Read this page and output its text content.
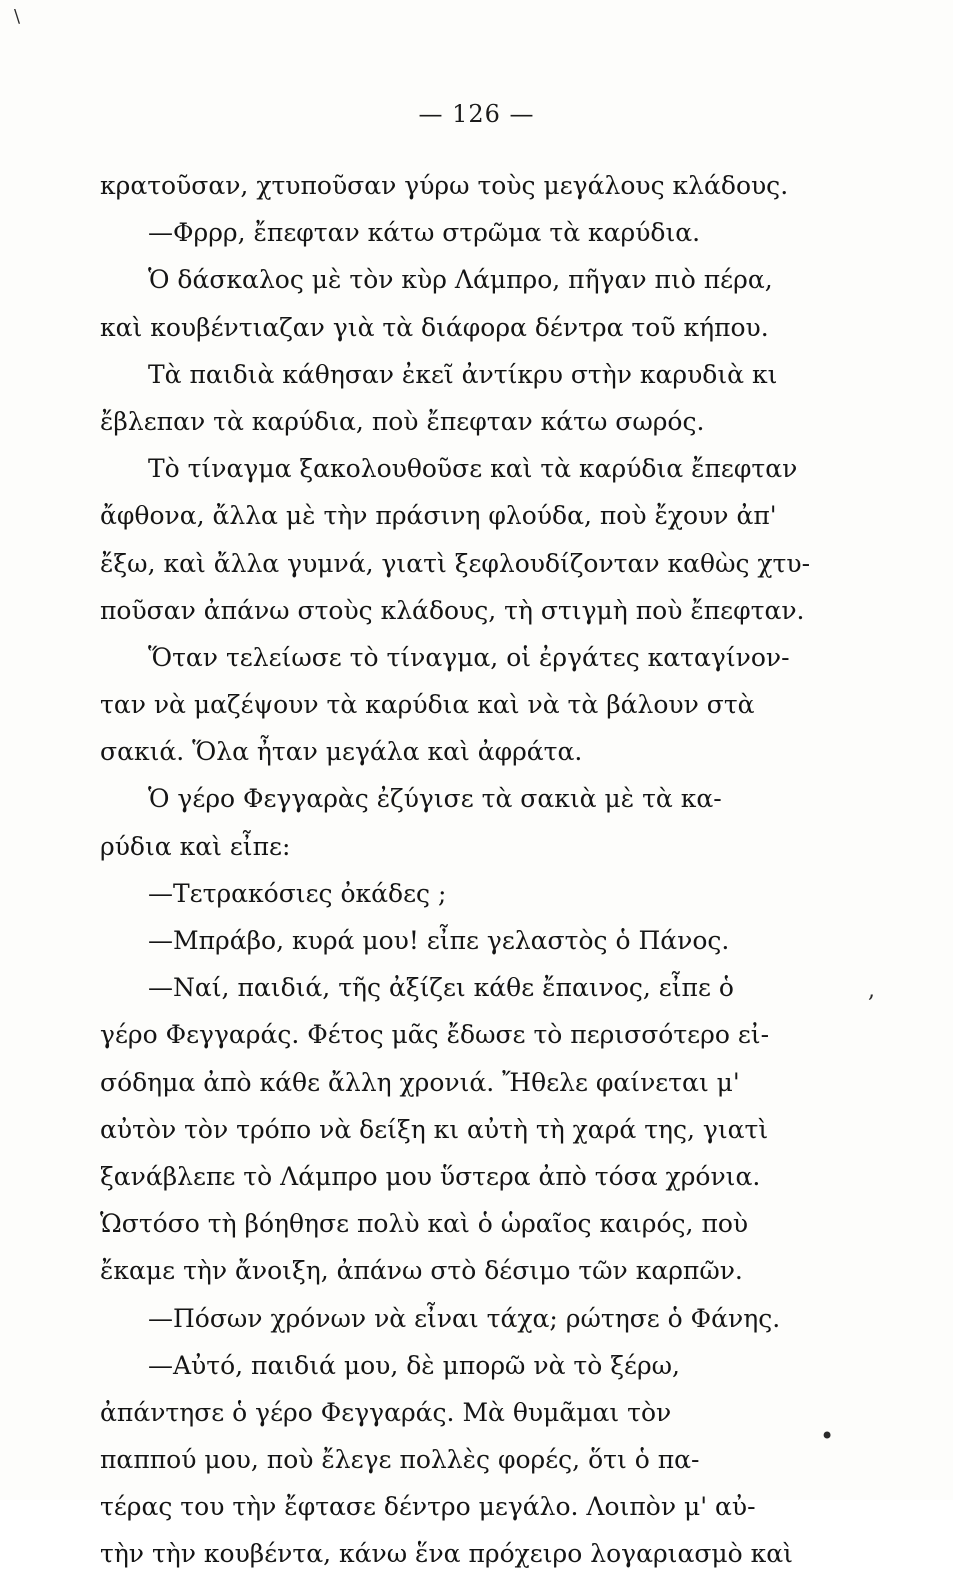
\
— 126 —
κρατοῦσαν, χτυποῦσαν γύρω τοὺς μεγάλους κλάδους.
—Φρρρ, ἔπεφταν κάτω στρῶμα τὰ καρύδια.
Ὁ δάσκαλος μὲ τὸν κὺρ Λάμπρο, πῆγαν πιὸ πέρα,
καὶ κουβέντιαζαν γιὰ τὰ διάφορα δέντρα τοῦ κήπου.
Τὰ παιδιὰ κάθησαν ἐκεῖ ἀντίκρυ στὴν καρυδιὰ κι
ἔβλεπαν τὰ καρύδια, ποὺ ἔπεφταν κάτω σωρός.
Τὸ τίναγμα ξακολουθοῦσε καὶ τὰ καρύδια ἔπεφταν
ἄφθονα, ἄλλα μὲ τὴν πράσινη φλούδα, ποὺ ἔχουν ἀπ'
ἔξω, καὶ ἄλλα γυμνά, γιατὶ ξεφλουδίζονταν καθὼς χτυ-
ποῦσαν ἀπάνω στοὺς κλάδους, τὴ στιγμὴ ποὺ ἔπεφταν.
Ὅταν τελείωσε τὸ τίναγμα, οἱ ἐργάτες καταγίνον-
ταν νὰ μαζέψουν τὰ καρύδια καὶ νὰ τὰ βάλουν στὰ
σακιά. Ὅλα ἦταν μεγάλα καὶ ἀφράτα.
Ὁ γέρο Φεγγαρὰς ἐζύγισε τὰ σακιὰ μὲ τὰ κα-
ρύδια καὶ εἶπε:
—Τετρακόσιες ὀκάδες ;
—Μπράβο, κυρά μου! εἶπε γελαστὸς ὁ Πάνος.
—Ναί, παιδιά, τῆς ἀξίζει κάθε ἔπαινος, εἶπε ὁ
γέρο Φεγγαράς. Φέτος μᾶς ἔδωσε τὸ περισσότερο εἰ-
σόδημα ἀπὸ κάθε ἄλλη χρονιά. Ἤθελε φαίνεται μ'
αὐτὸν τὸν τρόπο νὰ δείξη κι αὐτὴ τὴ χαρά της, γιατὶ
ξανάβλεπε τὸ Λάμπρο μου ὕστερα ἀπὸ τόσα χρόνια.
Ὡστόσο τὴ βόηθησε πολὺ καὶ ὁ ὡραῖος καιρός, ποὺ
ἔκαμε τὴν ἄνοιξη, ἀπάνω στὸ δέσιμο τῶν καρπῶν.
—Πόσων χρόνων νὰ εἶναι τάχα; ρώτησε ὁ Φάνης.
—Αὐτό, παιδιά μου, δὲ μπορῶ νὰ τὸ ξέρω,
ἀπάντησε ὁ γέρο Φεγγαράς. Μὰ θυμᾶμαι τὸν
παππού μου, ποὺ ἔλεγε πολλὲς φορές, ὅτι ὁ πα-
τέρας του τὴν ἔφτασε δέντρο μεγάλο. Λοιπὸν μ' αὐ-
τὴν τὴν κουβέντα, κάνω ἕνα πρόχειρο λογαριασμὸ καὶ
,
•
